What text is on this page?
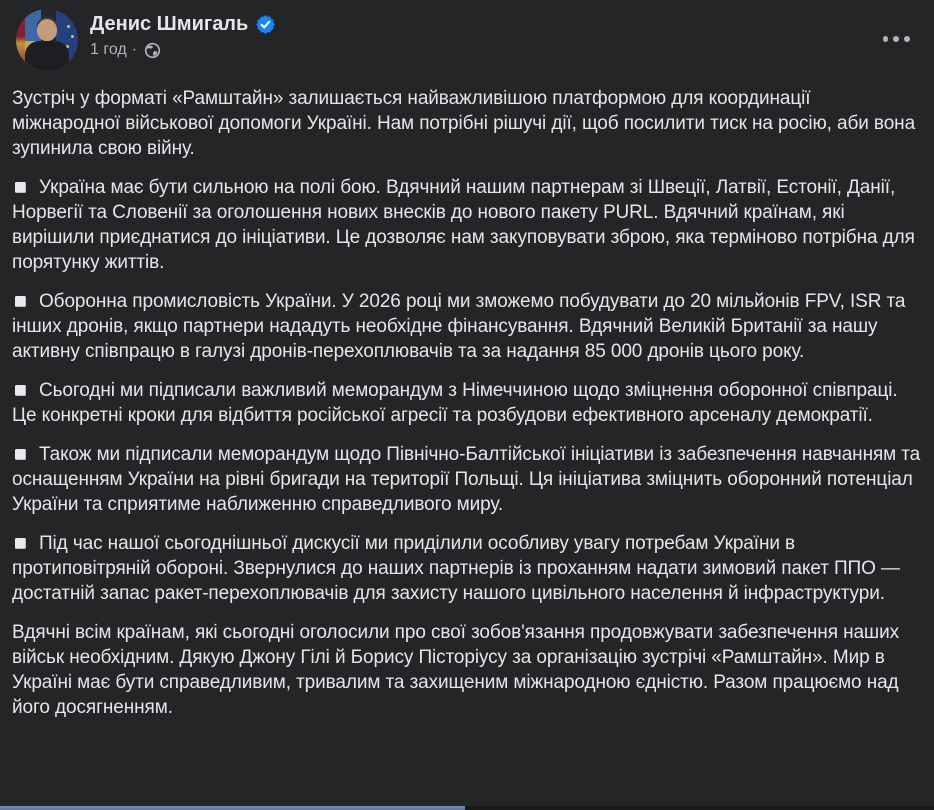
Денис Шмигаль
1 год ·

Зустріч у форматі «Рамштайн» залишається найважливішою платформою для координації міжнародної військової допомоги Україні. Нам потрібні рішучі дії, щоб посилити тиск на росію, аби вона зупинила свою війну.

Україна має бути сильною на полі бою. Вдячний нашим партнерам зі Швеції, Латвії, Естонії, Данії, Норвегії та Словенії за оголошення нових внесків до нового пакету PURL. Вдячний країнам, які вирішили приєднатися до ініціативи. Це дозволяє нам закуповувати зброю, яка терміново потрібна для порятунку життів.

Оборонна промисловість України. У 2026 році ми зможемо побудувати до 20 мільйонів FPV, ISR та інших дронів, якщо партнери нададуть необхідне фінансування. Вдячний Великій Британії за нашу активну співпрацю в галузі дронів-перехоплювачів та за надання 85 000 дронів цього року.

Сьогодні ми підписали важливий меморандум з Німеччиною щодо зміцнення оборонної співпраці. Це конкретні кроки для відбиття російської агресії та розбудови ефективного арсеналу демократії.

Також ми підписали меморандум щодо Північно-Балтійської ініціативи із забезпечення навчанням та оснащенням України на рівні бригади на території Польщі. Ця ініціатива зміцнить оборонний потенціал України та сприятиме наближенню справедливого миру.

Під час нашої сьогоднішньої дискусії ми приділили особливу увагу потребам України в протиповітряній обороні. Звернулися до наших партнерів із проханням надати зимовий пакет ППО — достатній запас ракет-перехоплювачів для захисту нашого цивільного населення й інфраструктури.

Вдячні всім країнам, які сьогодні оголосили про свої зобов'язання продовжувати забезпечення наших військ необхідним. Дякую Джону Гілі й Борису Пісторіусу за організацію зустрічі «Рамштайн». Мир в Україні має бути справедливим, тривалим та захищеним міжнародною єдністю. Разом працюємо над його досягненням.
